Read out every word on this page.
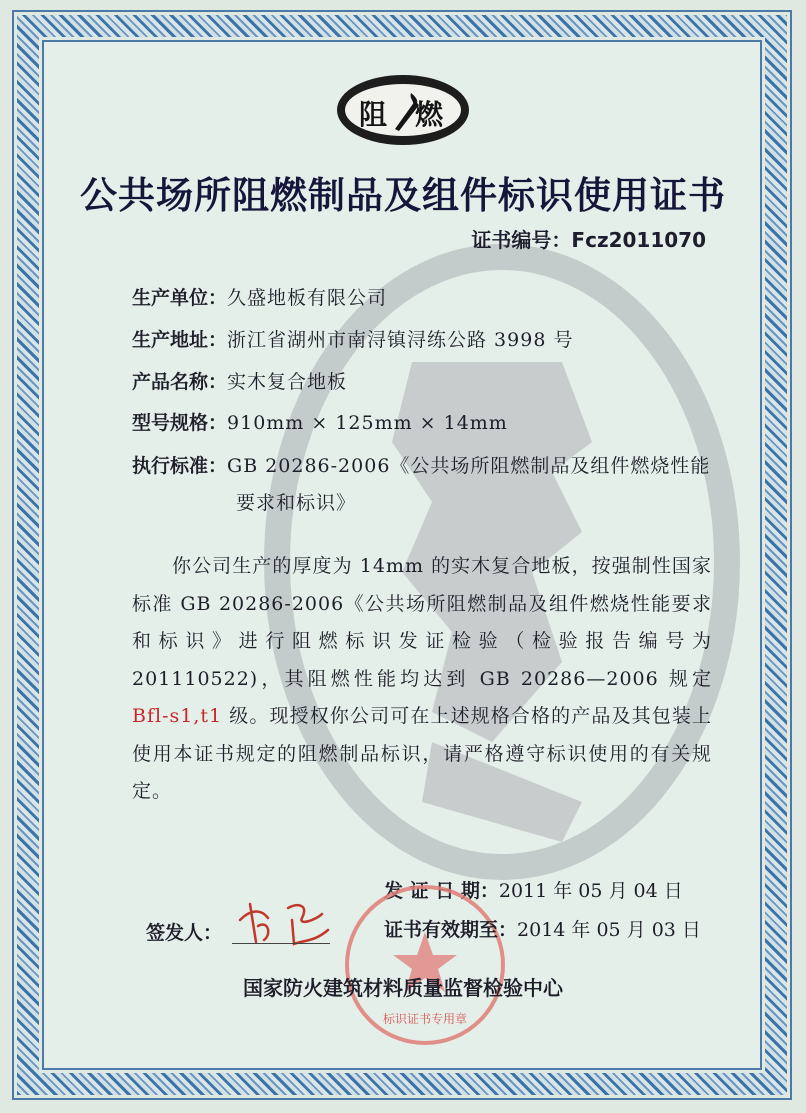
阻 燃
公共场所阻燃制品及组件标识使用证书
证书编号：Fcz2011070
生产单位：久盛地板有限公司
生产地址：浙江省湖州市南浔镇浔练公路 3998 号
产品名称：实木复合地板
型号规格：910mm × 125mm × 14mm
执行标准：GB 20286-2006《公共场所阻燃制品及组件燃烧性能
要求和标识》
你公司生产的厚度为 14mm 的实木复合地板，按强制性国家标准 GB 20286-2006《公共场所阻燃制品及组件燃烧性能要求和标识》进行阻燃标识发证检验（检验报告编号为 201110522)，其阻燃性能均达到 GB 20286—2006 规定 Bfl-s1,t1 级。现授权你公司可在上述规格合格的产品及其包装上使用本证书规定的阻燃制品标识，请严格遵守标识使用的有关规定。
发 证 日 期：2011 年 05 月 04 日
标识证书专用章
证书有效期至：2014 年 05 月 03 日
签发人：
国家防火建筑材料质量监督检验中心
